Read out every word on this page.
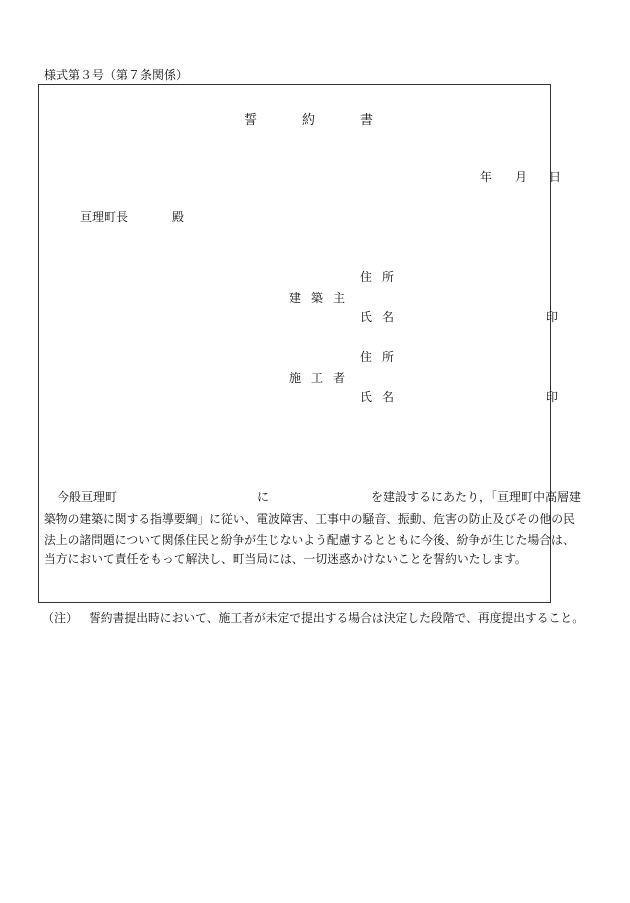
様式第３号（第７条関係）
誓	約	書
年 月 日
亘理町長	殿
住 所
建 築 主
氏 名	印
住 所
施 工 者
氏 名	印
今般亘理町	に	を建設するにあたり，「亘理町中高層建
築物の建築に関する指導要綱」に従い、電波障害、工事中の騒音、振動、危害の防止及びその他の民
法上の諸問題について関係住民と紛争が生じないよう配慮するとともに今後、紛争が生じた場合は、
当方において責任をもって解決し、町当局には、一切迷惑かけないことを誓約いたします。
（注） 誓約書提出時において、施工者が未定で提出する場合は決定した段階で、再度提出すること。
